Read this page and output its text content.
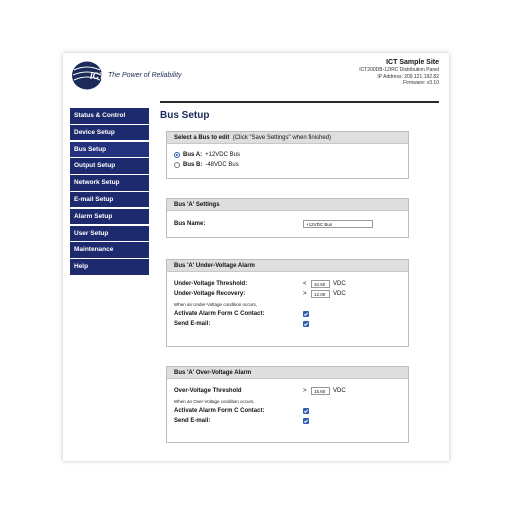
ICT The Power of Reliability
ICT Sample Site
ICT200DB-12IRC Distribution Panel
IP Address: 209.121.192.82
Firmware: v3.10
Status & Control
Device Setup
Bus Setup
Output Setup
Network Setup
E-mail Setup
Alarm Setup
User Setup
Maintenance
Help
Bus Setup
Select a Bus to edit (Click "Save Settings" when finished)
Bus A: +12VDC Bus
Bus B: -48VDC Bus
Bus 'A' Settings
Bus Name:	+12VDC Bus
Bus 'A' Under-Voltage Alarm
Under-Voltage Threshold:	<	10.50	VDC
Under-Voltage Recovery:	>	12.00	VDC
When an Under-Voltage condition occurs,
Activate Alarm Form C Contact:
Send E-mail:
Bus 'A' Over-Voltage Alarm
Over-Voltage Threshold	>	15.60	VDC
When an Over-Voltage condition occurs,
Activate Alarm Form C Contact:
Send E-mail:
